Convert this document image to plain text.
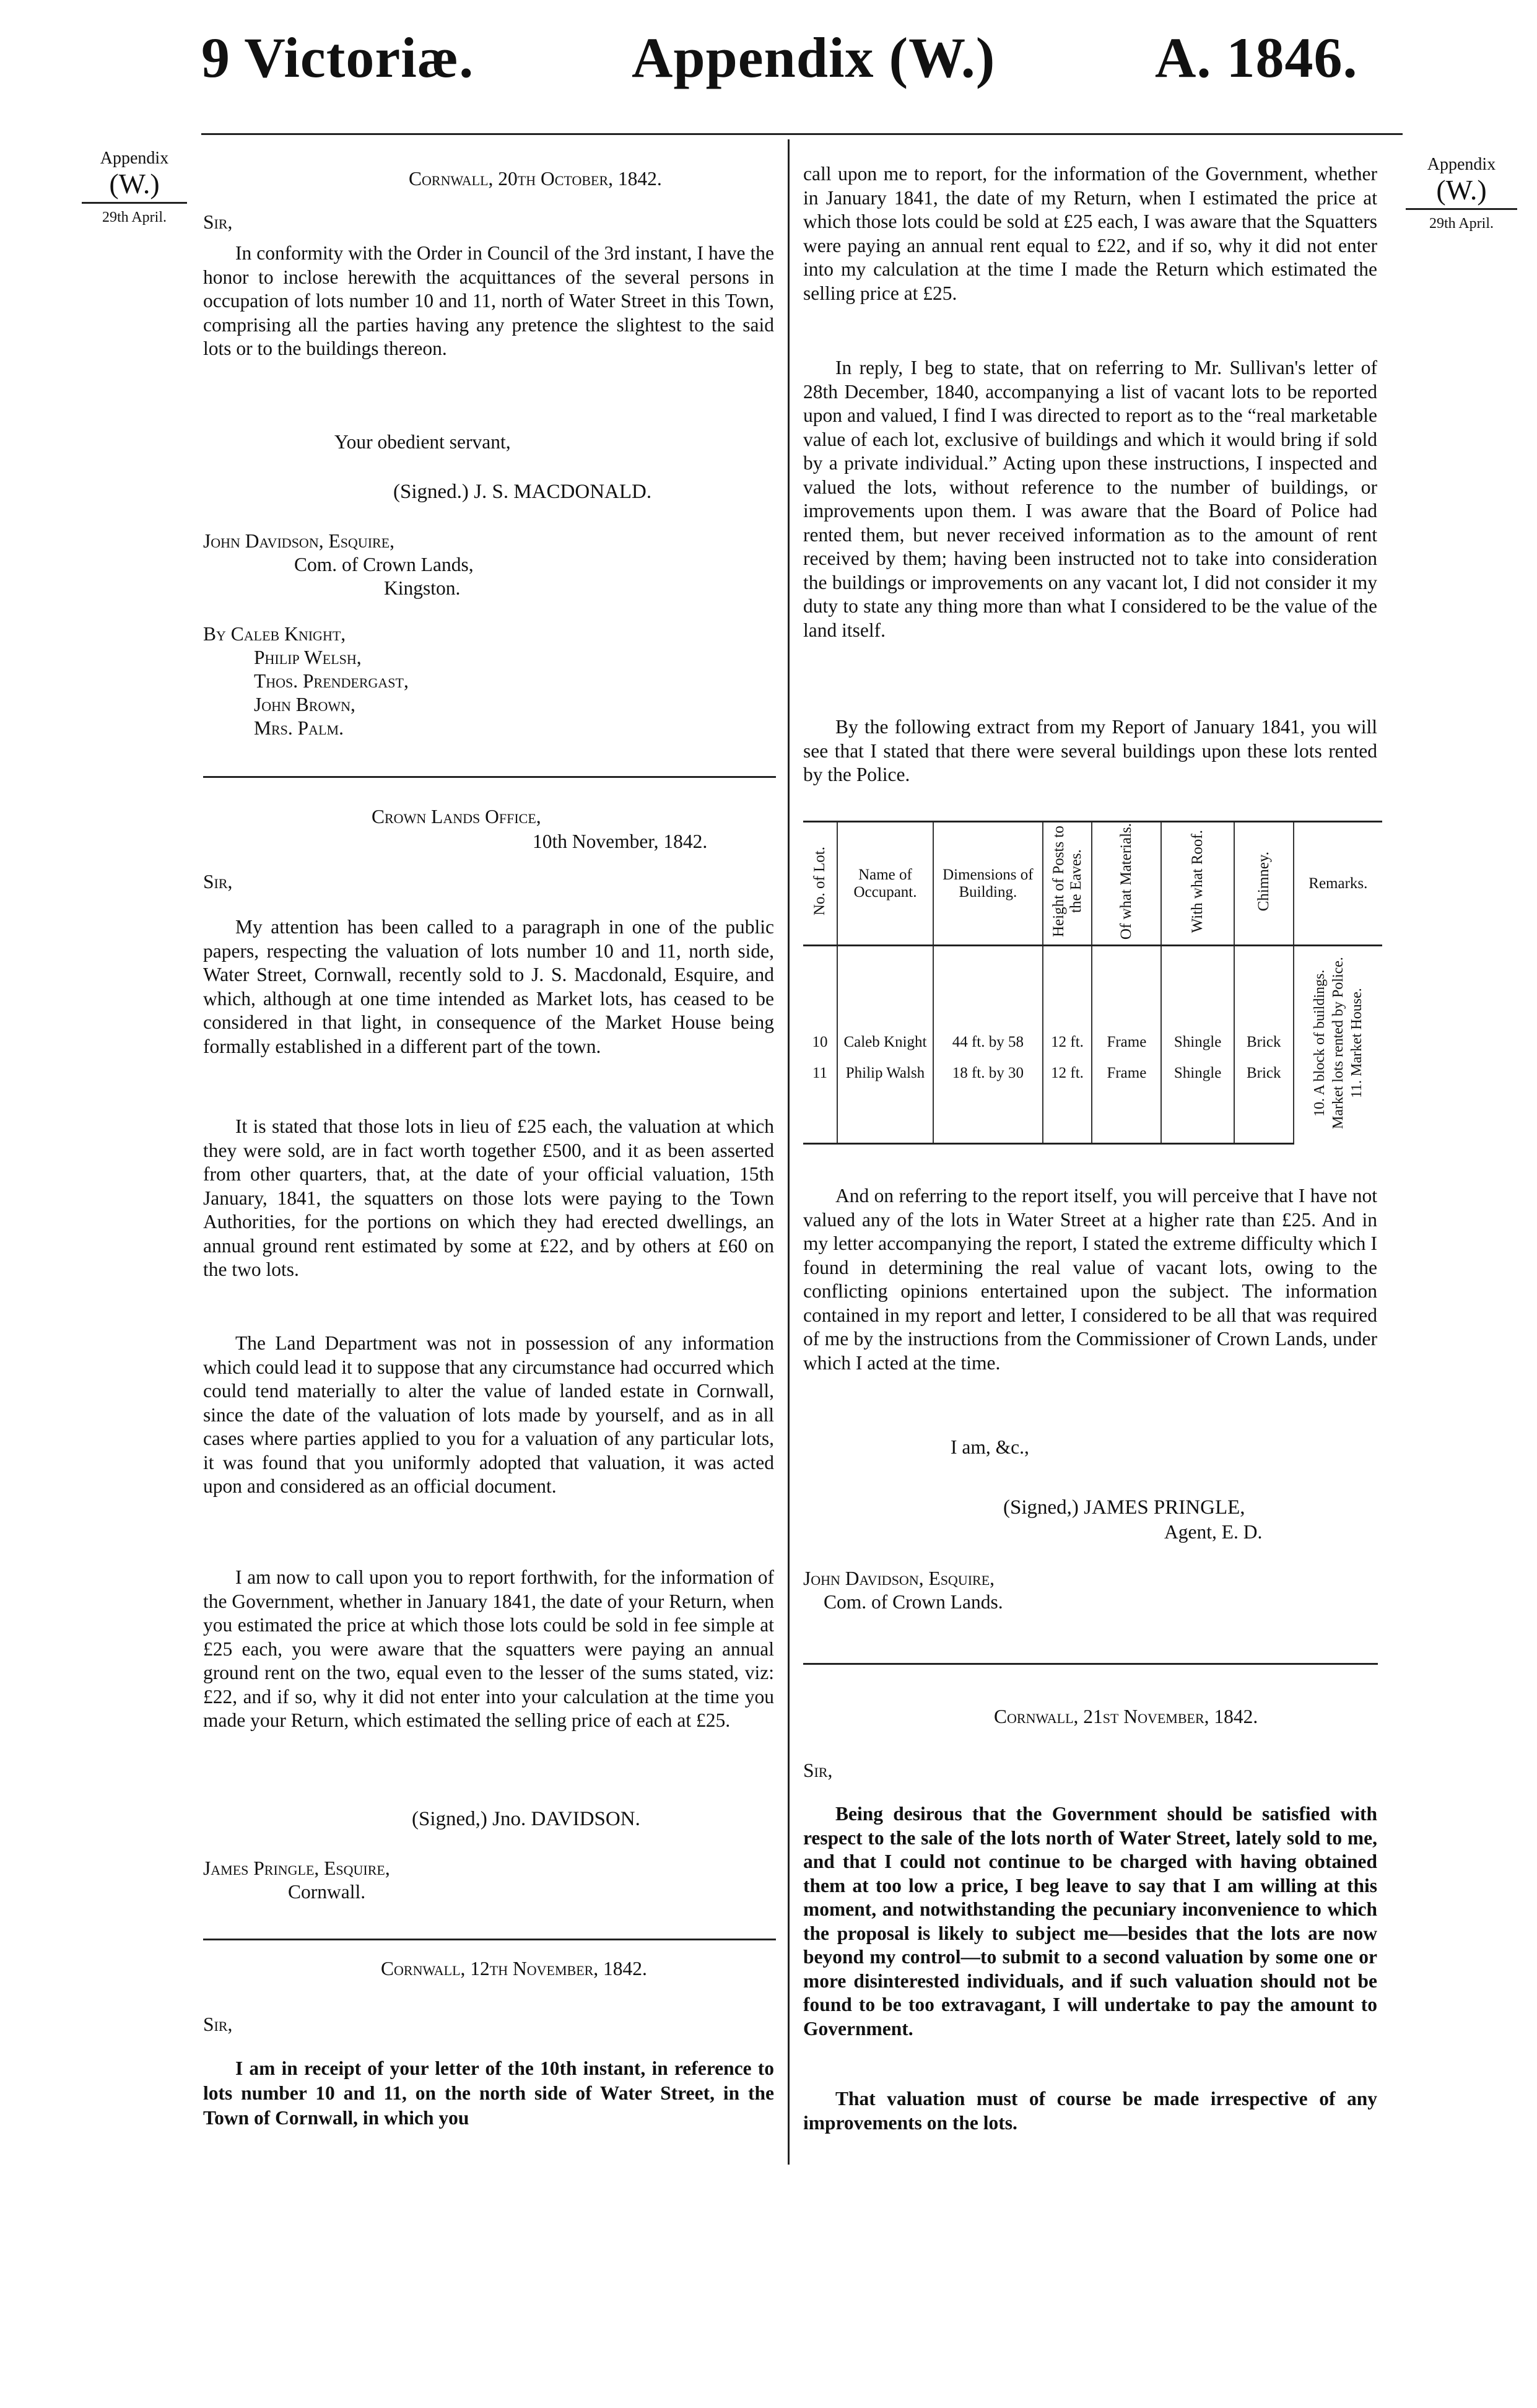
9 Victoriæ.	Appendix (W.)	A. 1846.
Appendix
(W.)
29th April.
Appendix
(W.)
29th April.
Cornwall, 20th October, 1842.
Sir,

In conformity with the Order in Council of the 3rd instant, I have the honor to inclose herewith the acquittances of the several persons in occupation of lots number 10 and 11, north of Water Street in this Town, comprising all the parties having any pretence the slightest to the said lots or to the buildings thereon.

Your obedient servant,
(Signed.) J. S. MACDONALD.
John Davidson, Esquire,
Com. of Crown Lands,
Kingston.
By Caleb Knight,
Philip Welsh,
Thos. Prendergast,
John Brown,
Mrs. Palm.
Crown Lands Office,
10th November, 1842.
Sir,

My attention has been called to a paragraph in one of the public papers, respecting the valuation of lots number 10 and 11, north side, Water Street, Cornwall, recently sold to J. S. Macdonald, Esquire, and which, although at one time intended as Market lots, has ceased to be considered in that light, in consequence of the Market House being formally established in a different part of the town.

It is stated that those lots in lieu of £25 each, the valuation at which they were sold, are in fact worth together £500, and it as been asserted from other quarters, that, at the date of your official valuation, 15th January, 1841, the squatters on those lots were paying to the Town Authorities, for the portions on which they had erected dwellings, an annual ground rent estimated by some at £22, and by others at £60 on the two lots.

The Land Department was not in possession of any information which could lead it to suppose that any circumstance had occurred which could tend materially to alter the value of landed estate in Cornwall, since the date of the valuation of lots made by yourself, and as in all cases where parties applied to you for a valuation of any particular lots, it was found that you uniformly adopted that valuation, it was acted upon and considered as an official document.

I am now to call upon you to report forthwith, for the information of the Government, whether in January 1841, the date of your Return, when you estimated the price at which those lots could be sold in fee simple at £25 each, you were aware that the squatters were paying an annual ground rent on the two, equal even to the lesser of the sums stated, viz: £22, and if so, why it did not enter into your calculation at the time you made your Return, which estimated the selling price of each at £25.

(Signed,) Jno. DAVIDSON.
James Pringle, Esquire,
Cornwall.
Cornwall, 12th November, 1842.
Sir,

I am in receipt of your letter of the 10th instant, in reference to lots number 10 and 11, on the north side of Water Street, in the Town of Cornwall, in which you

call upon me to report, for the information of the Government, whether in January 1841, the date of my Return, when I estimated the price at which those lots could be sold at £25 each, I was aware that the Squatters were paying an annual rent equal to £22, and if so, why it did not enter into my calculation at the time I made the Return which estimated the selling price at £25.

In reply, I beg to state, that on referring to Mr. Sullivan's letter of 28th December, 1840, accompanying a list of vacant lots to be reported upon and valued, I find I was directed to report as to the “real marketable value of each lot, exclusive of buildings and which it would bring if sold by a private individual.” Acting upon these instructions, I inspected and valued the lots, without reference to the number of buildings, or improvements upon them. I was aware that the Board of Police had rented them, but never received information as to the amount of rent received by them; having been instructed not to take into consideration the buildings or improvements on any vacant lot, I did not consider it my duty to state any thing more than what I considered to be the value of the land itself.

By the following extract from my Report of January 1841, you will see that I stated that there were several buildings upon these lots rented by the Police.

No. of Lot.	Name of Occupant.	Dimensions of Building.	Height of Posts to the Eaves.	Of what Materials.	With what Roof.	Chimney.	Remarks.
10	Caleb Knight	44 ft. by 58	12 ft.	Frame	Shingle	Brick	10. A block of buildings. Market lots rented by Police. 11. Market House.
11	Philip Walsh	18 ft. by 30	12 ft.	Frame	Shingle	Brick	

And on referring to the report itself, you will perceive that I have not valued any of the lots in Water Street at a higher rate than £25. And in my letter accompanying the report, I stated the extreme difficulty which I found in determining the real value of vacant lots, owing to the conflicting opinions entertained upon the subject. The information contained in my report and letter, I considered to be all that was required of me by the instructions from the Commissioner of Crown Lands, under which I acted at the time.

I am, &c.,
(Signed,) JAMES PRINGLE,
Agent, E. D.
John Davidson, Esquire,
Com. of Crown Lands.
Cornwall, 21st November, 1842.
Sir,

Being desirous that the Government should be satisfied with respect to the sale of the lots north of Water Street, lately sold to me, and that I could not continue to be charged with having obtained them at too low a price, I beg leave to say that I am willing at this moment, and notwithstanding the pecuniary inconvenience to which the proposal is likely to subject me—besides that the lots are now beyond my control—to submit to a second valuation by some one or more disinterested individuals, and if such valuation should not be found to be too extravagant, I will undertake to pay the amount to Government.

That valuation must of course be made irrespective of any improvements on the lots.
